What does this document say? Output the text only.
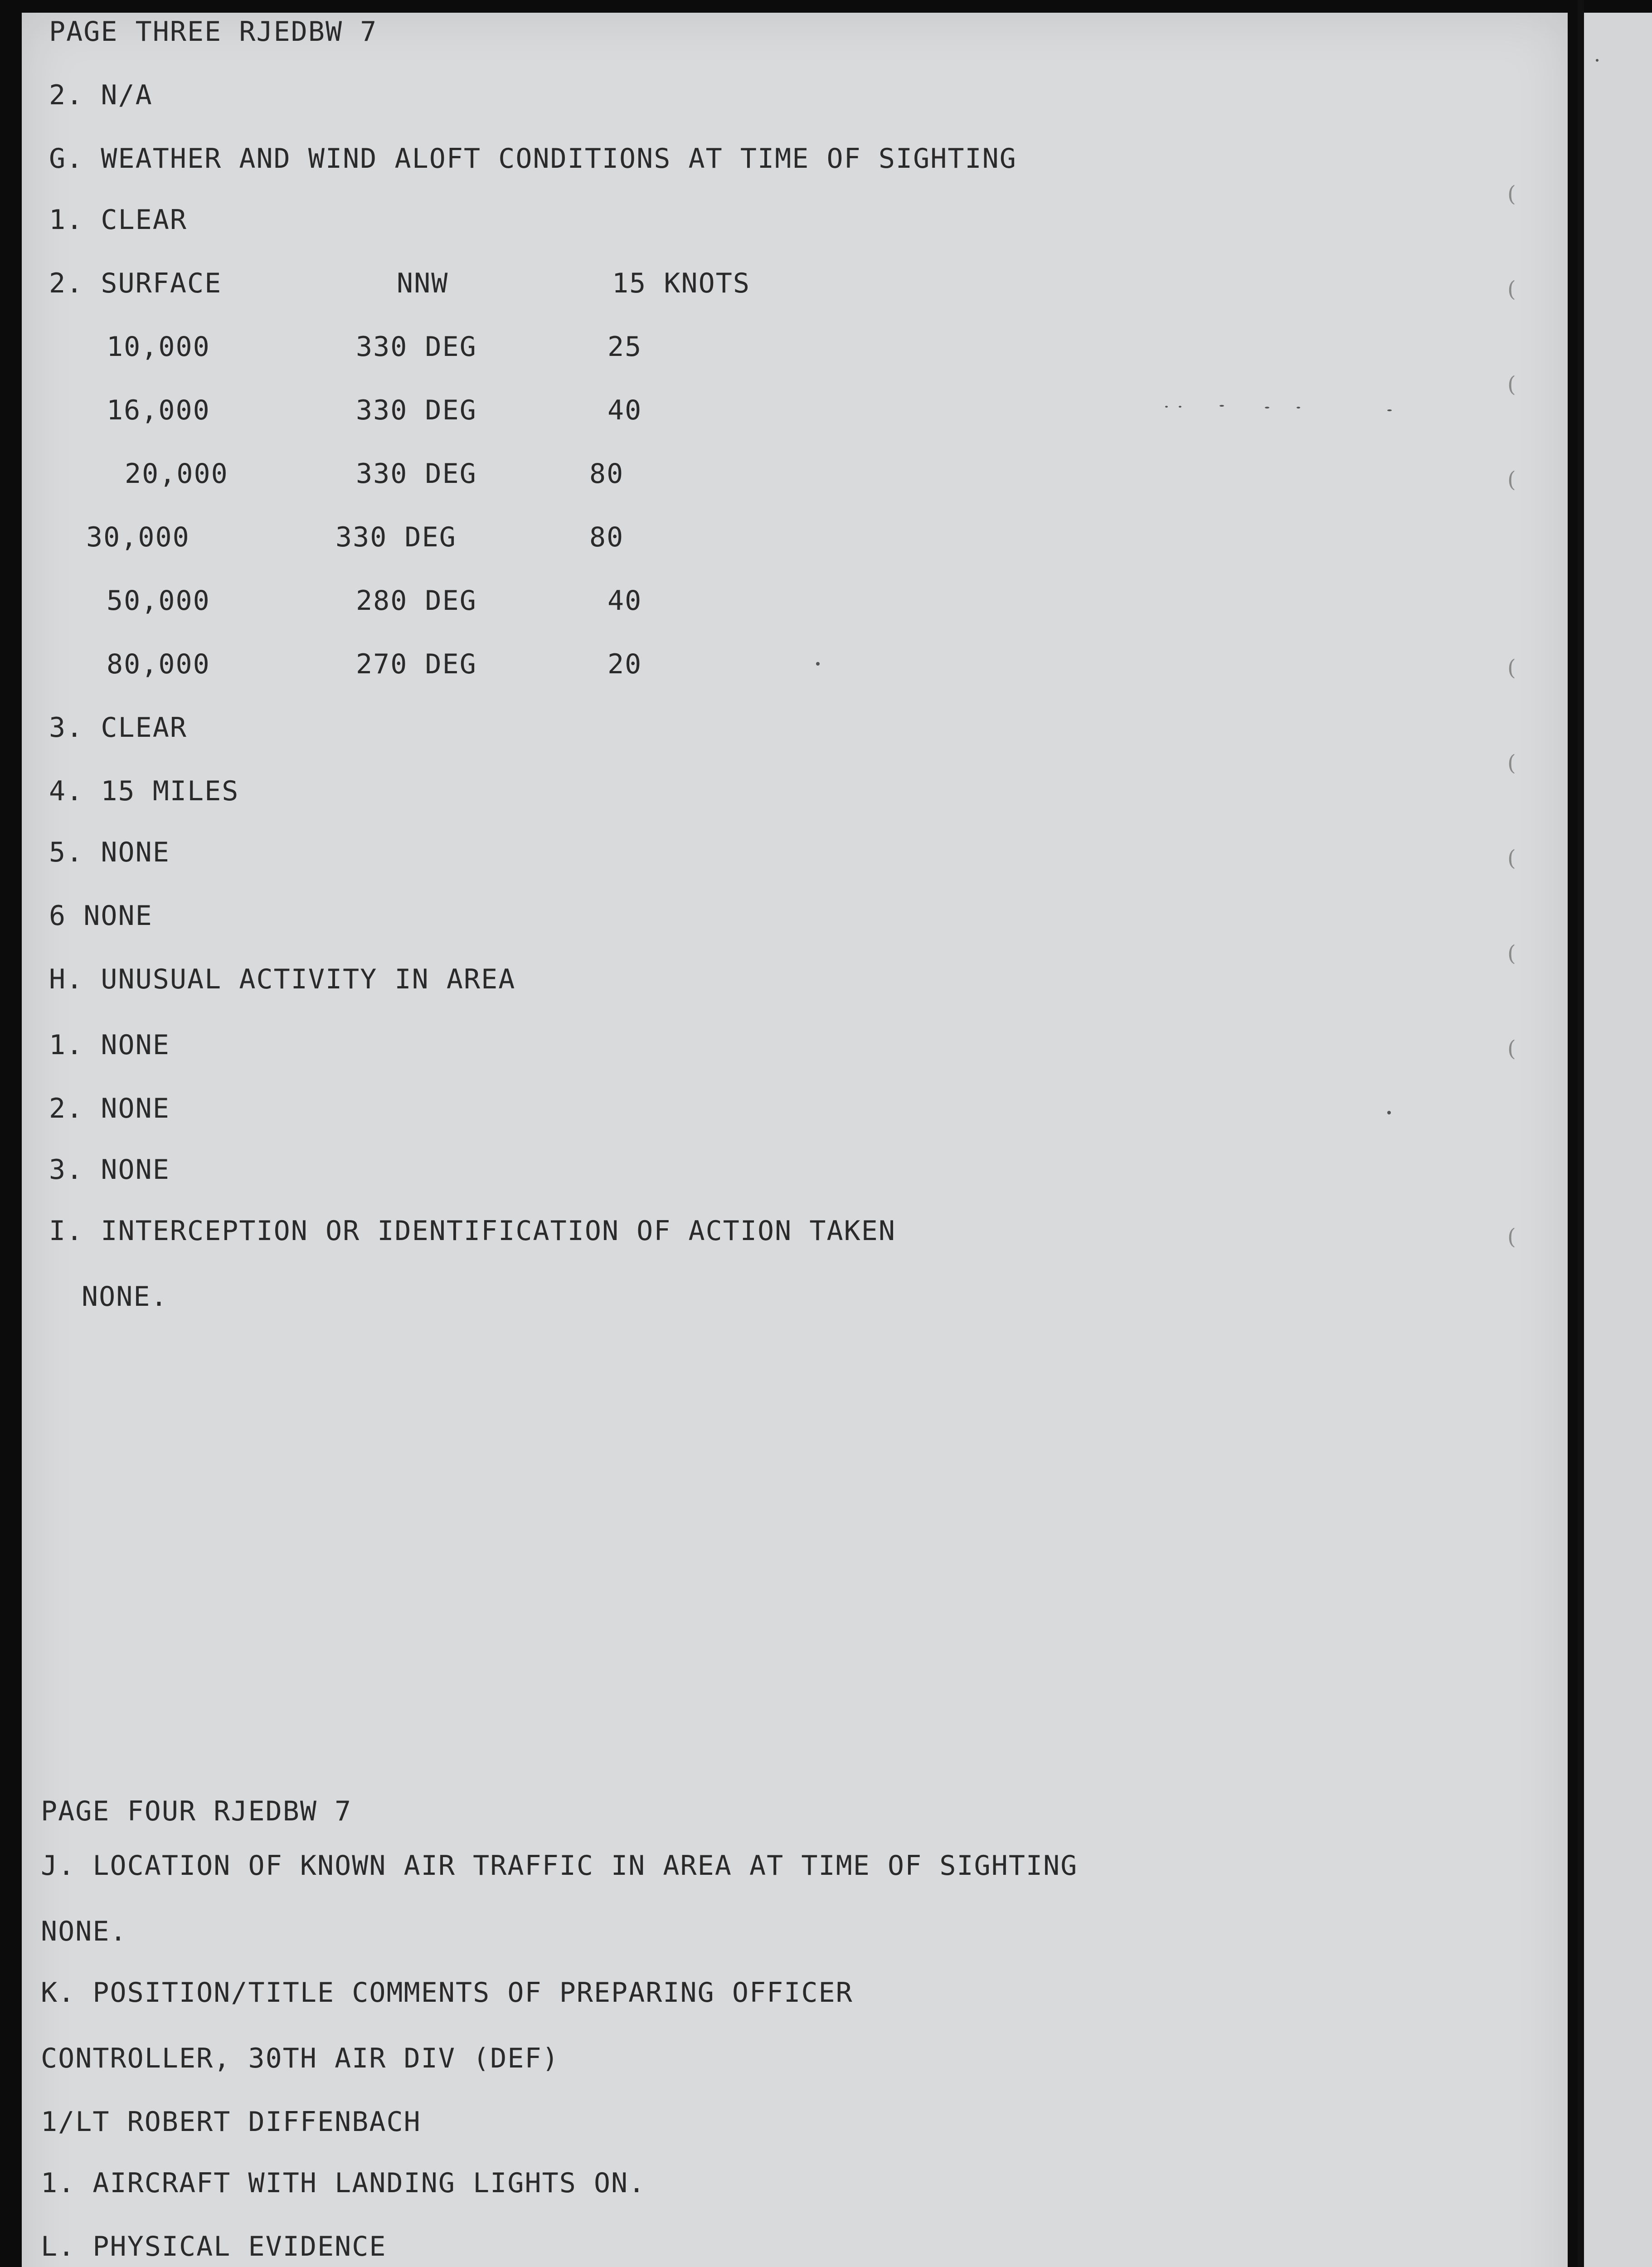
PAGE THREE RJEDBW 7
2. N/A
G. WEATHER AND WIND ALOFT CONDITIONS AT TIME OF SIGHTING
1. CLEAR
2. SURFACE	NNW	15 KNOTS
10,000	330 DEG	25
16,000	330 DEG	40
20,000	330 DEG	80
30,000	330 DEG	80
50,000	280 DEG	40
80,000	270 DEG	20
3. CLEAR
4. 15 MILES
5. NONE
6 NONE
H. UNUSUAL ACTIVITY IN AREA
1. NONE
2. NONE
3. NONE
I. INTERCEPTION OR IDENTIFICATION OF ACTION TAKEN
NONE.
PAGE FOUR RJEDBW 7
J. LOCATION OF KNOWN AIR TRAFFIC IN AREA AT TIME OF SIGHTING
NONE.
K. POSITION/TITLE COMMENTS OF PREPARING OFFICER
CONTROLLER, 30TH AIR DIV (DEF)
1/LT ROBERT DIFFENBACH
1. AIRCRAFT WITH LANDING LIGHTS ON.
L. PHYSICAL EVIDENCE
(
(
(
(
(
(
(
(
(
(
